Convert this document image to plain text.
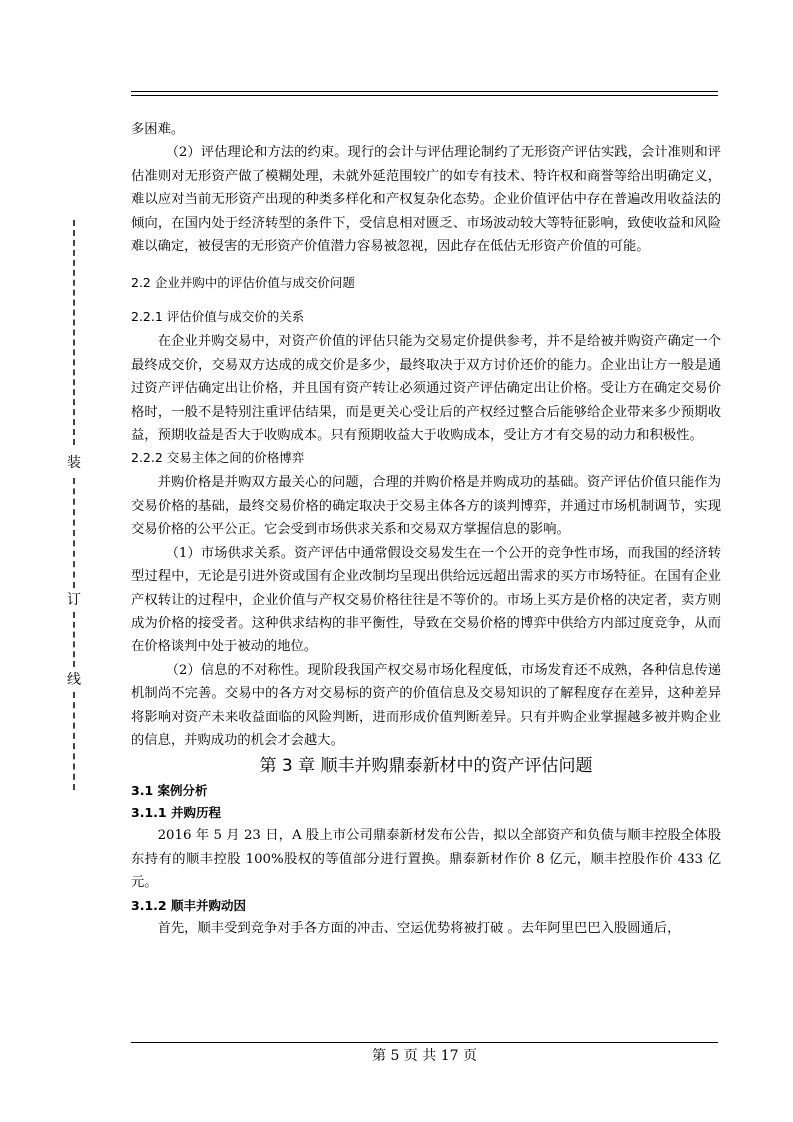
装
订
线

多困难。

（2）评估理论和方法的约束。现行的会计与评估理论制约了无形资产评估实践，会计准则和评估准则对无形资产做了模糊处理，未就外延范围较广的如专有技术、特许权和商誉等给出明确定义，难以应对当前无形资产出现的种类多样化和产权复杂化态势。企业价值评估中存在普遍改用收益法的倾向，在国内处于经济转型的条件下，受信息相对匮乏、市场波动较大等特征影响，致使收益和风险难以确定，被侵害的无形资产价值潜力容易被忽视，因此存在低估无形资产价值的可能。

2.2 企业并购中的评估价值与成交价问题
2.2.1 评估价值与成交价的关系

在企业并购交易中，对资产价值的评估只能为交易定价提供参考，并不是给被并购资产确定一个最终成交价，交易双方达成的成交价是多少，最终取决于双方讨价还价的能力。企业出让方一般是通过资产评估确定出让价格，并且国有资产转让必须通过资产评估确定出让价格。受让方在确定交易价格时，一般不是特别注重评估结果，而是更关心受让后的产权经过整合后能够给企业带来多少预期收益，预期收益是否大于收购成本。只有预期收益大于收购成本，受让方才有交易的动力和积极性。

2.2.2 交易主体之间的价格博弈

并购价格是并购双方最关心的问题，合理的并购价格是并购成功的基础。资产评估价值只能作为交易价格的基础，最终交易价格的确定取决于交易主体各方的谈判博弈，并通过市场机制调节，实现交易价格的公平公正。它会受到市场供求关系和交易双方掌握信息的影响。

（1）市场供求关系。资产评估中通常假设交易发生在一个公开的竞争性市场，而我国的经济转型过程中，无论是引进外资或国有企业改制均呈现出供给远远超出需求的买方市场特征。在国有企业产权转让的过程中，企业价值与产权交易价格往往是不等价的。市场上买方是价格的决定者，卖方则成为价格的接受者。这种供求结构的非平衡性，导致在交易价格的博弈中供给方内部过度竞争，从而在价格谈判中处于被动的地位。

（2）信息的不对称性。现阶段我国产权交易市场化程度低，市场发育还不成熟，各种信息传递机制尚不完善。交易中的各方对交易标的资产的价值信息及交易知识的了解程度存在差异，这种差异将影响对资产未来收益面临的风险判断，进而形成价值判断差异。只有并购企业掌握越多被并购企业的信息，并购成功的机会才会越大。

第 3 章 顺丰并购鼎泰新材中的资产评估问题
3.1 案例分析
3.1.1 并购历程

2016 年 5 月 23 日，A 股上市公司鼎泰新材发布公告，拟以全部资产和负债与顺丰控股全体股东持有的顺丰控股 100%股权的等值部分进行置换。鼎泰新材作价 8 亿元，顺丰控股作价 433 亿元。

3.1.2 顺丰并购动因

首先，顺丰受到竞争对手各方面的冲击、空运优势将被打破 。去年阿里巴巴入股圆通后，

第 5 页 共 17 页
